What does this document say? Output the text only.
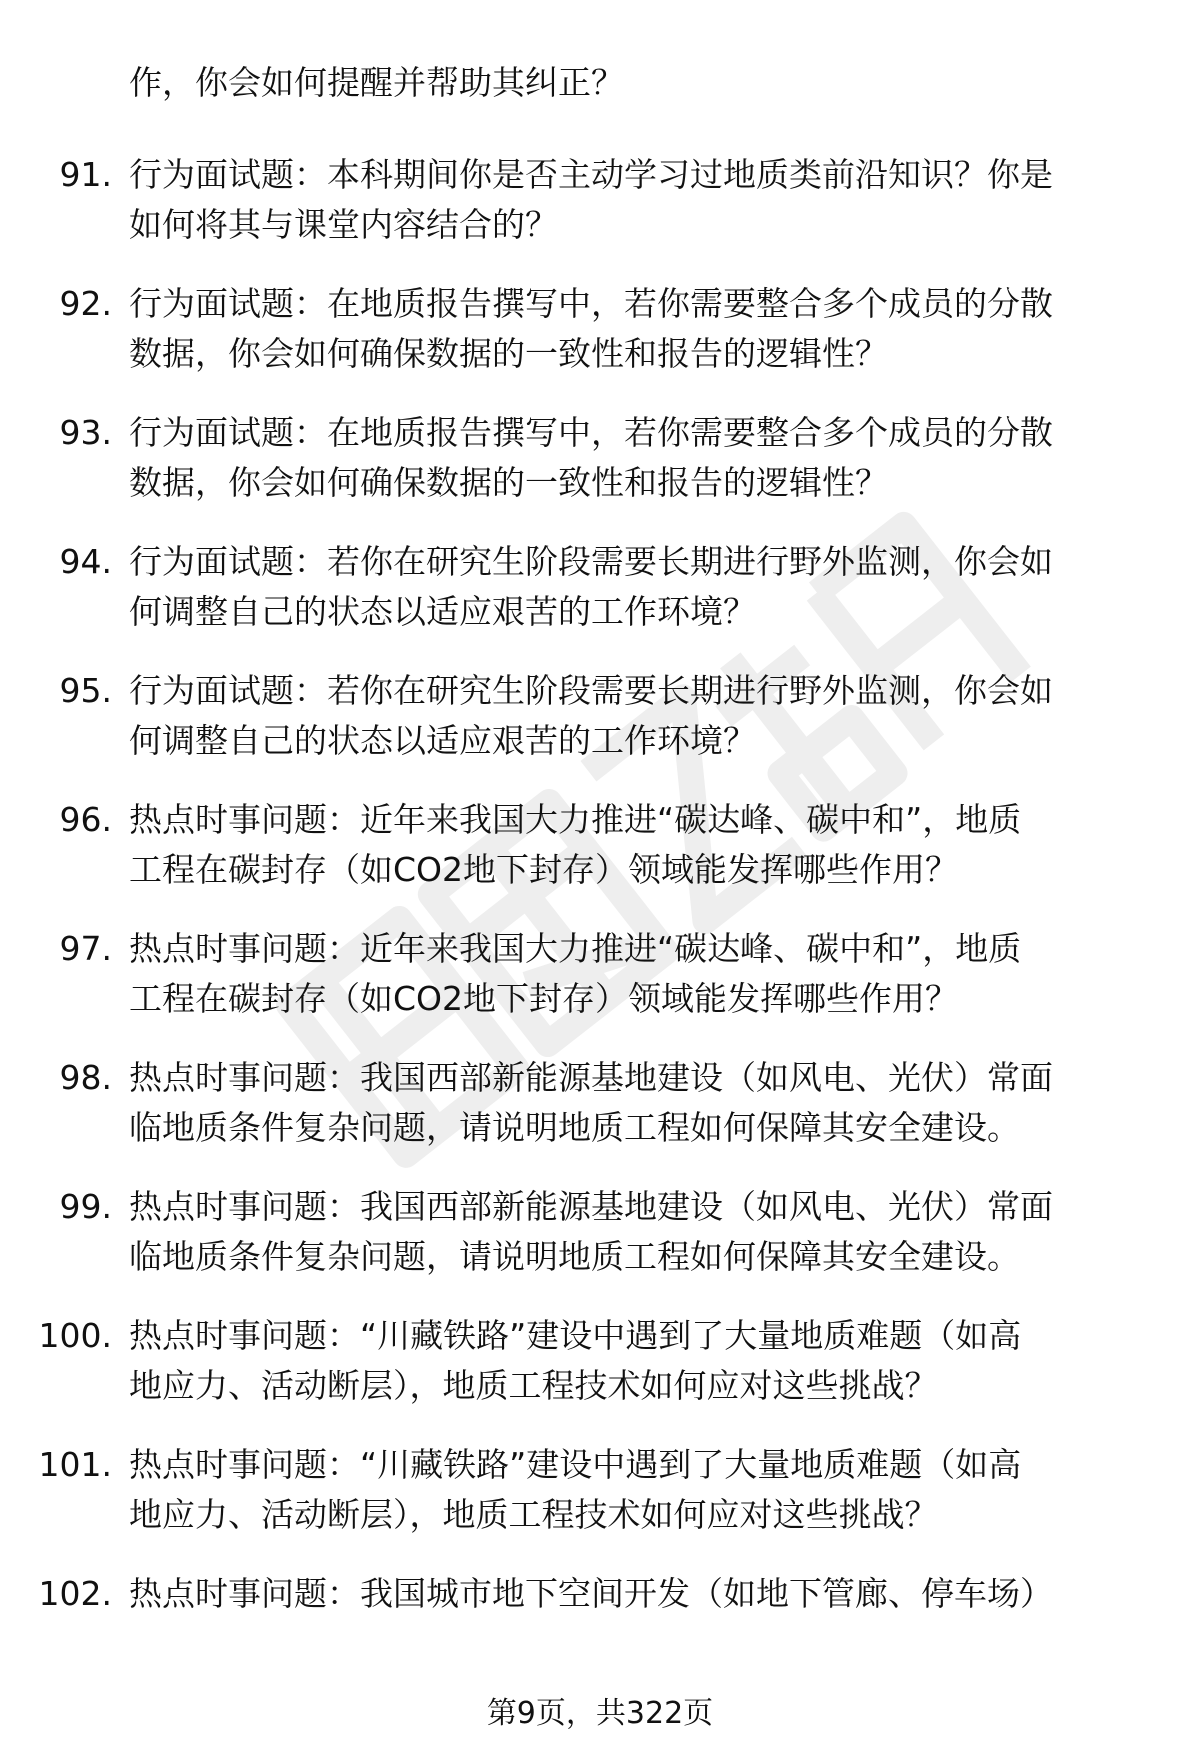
作，你会如何提醒并帮助其纠正？
91. 行为面试题：本科期间你是否主动学习过地质类前沿知识？你是
如何将其与课堂内容结合的？
92. 行为面试题：在地质报告撰写中，若你需要整合多个成员的分散
数据，你会如何确保数据的一致性和报告的逻辑性？
93. 行为面试题：在地质报告撰写中，若你需要整合多个成员的分散
数据，你会如何确保数据的一致性和报告的逻辑性？
94. 行为面试题：若你在研究生阶段需要长期进行野外监测，你会如
何调整自己的状态以适应艰苦的工作环境？
95. 行为面试题：若你在研究生阶段需要长期进行野外监测，你会如
何调整自己的状态以适应艰苦的工作环境？
96. 热点时事问题：近年来我国大力推进“碳达峰、碳中和”，地质
工程在碳封存（如CO2地下封存）领域能发挥哪些作用？
97. 热点时事问题：近年来我国大力推进“碳达峰、碳中和”，地质
工程在碳封存（如CO2地下封存）领域能发挥哪些作用？
98. 热点时事问题：我国西部新能源基地建设（如风电、光伏）常面
临地质条件复杂问题，请说明地质工程如何保障其安全建设。
99. 热点时事问题：我国西部新能源基地建设（如风电、光伏）常面
临地质条件复杂问题，请说明地质工程如何保障其安全建设。
100. 热点时事问题：“川藏铁路”建设中遇到了大量地质难题（如高
地应力、活动断层），地质工程技术如何应对这些挑战？
101. 热点时事问题：“川藏铁路”建设中遇到了大量地质难题（如高
地应力、活动断层），地质工程技术如何应对这些挑战？
102. 热点时事问题：我国城市地下空间开发（如地下管廊、停车场）
第9页，共322页
